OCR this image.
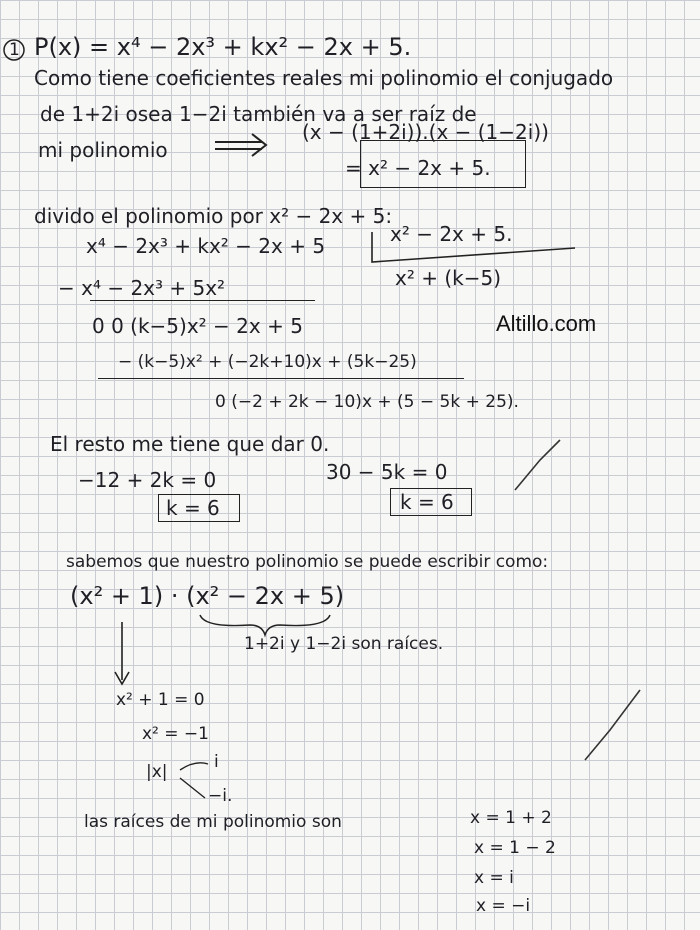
1 P(x) = x⁴ − 2x³ + kx² − 2x + 5.
Como tiene coeficientes reales mi polinomio el conjugado
de 1+2i osea 1−2i también va a ser raíz de
mi polinomio
(x − (1+2i)).(x − (1−2i))
= x² − 2x + 5.
divido el polinomio por x² − 2x + 5:
x⁴ − 2x³ + kx² − 2x + 5	x² − 2x + 5.
− x⁴ − 2x³ + 5x²	x² + (k−5)
0 0 (k−5)x² − 2x + 5	Altillo.com
− (k−5)x² + (−2k+10)x + (5k−25)
0 (−2 + 2k − 10)x + (5 − 5k + 25).
El resto me tiene que dar 0.
−12 + 2k = 0	30 − 5k = 0
k = 6	k = 6
sabemos que nuestro polinomio se puede escribir como:
(x² + 1) · (x² − 2x + 5)
1+2i y 1−2i son raíces.
x² + 1 = 0
x² = −1
|x|	i
−i.
las raíces de mi polinomio son	x = 1 + 2
x = 1 − 2
x = i
x = −i
